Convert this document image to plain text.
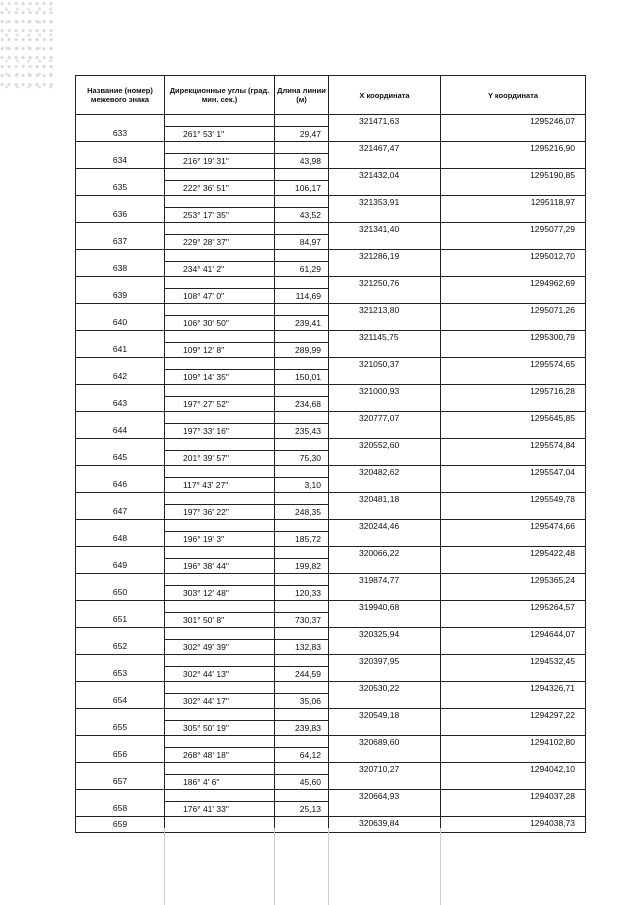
Название (номер) межевого знака	Дирекционные углы (град. мин. сек.)	Длина линии (м)	X координата	Y координата

633	261° 53' 1"	29,47	321471,63	1295246,07

634	216° 19' 31"	43,98	321467,47	1295216,90

635	222° 36' 51"	106,17	321432,04	1295190,85

636	253° 17' 35"	43,52	321353,91	1295118,97

637	229° 28' 37"	84,97	321341,40	1295077,29

638	234° 41' 2"	61,29	321286,19	1295012,70

639	108° 47' 0"	114,69	321250,76	1294962,69

640	106° 30' 50"	239,41	321213,80	1295071,26

641	109° 12' 8"	289,99	321145,75	1295300,79

642	109° 14' 35"	150,01	321050,37	1295574,65

643	197° 27' 52"	234,68	321000,93	1295716,28

644	197° 33' 16"	235,43	320777,07	1295645,85

645	201° 39' 57"	75,30	320552,60	1295574,84

646	117° 43' 27"	3,10	320482,62	1295547,04

647	197° 36' 22"	248,35	320481,18	1295549,78

648	196° 19' 3"	185,72	320244,46	1295474,66

649	196° 38' 44"	199,82	320066,22	1295422,48

650	303° 12' 48"	120,33	319874,77	1295365,24

651	301° 50' 8"	730,37	319940,68	1295264,57

652	302° 49' 39"	132,83	320325,94	1294644,07

653	302° 44' 13"	244,59	320397,95	1294532,45

654	302° 44' 17"	35,06	320530,22	1294326,71

655	305° 50' 19"	239,83	320549,18	1294297,22

656	268° 48' 18"	64,12	320689,60	1294102,80

657	186° 4' 6"	45,60	320710,27	1294042,10

658	176° 41' 33"	25,13	320664,93	1294037,28

659			320639,84	1294038,73
